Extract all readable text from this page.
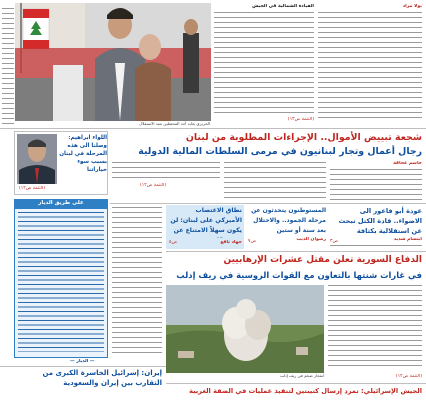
الحريري يعايد أحد المحتفلين بعيد الاستقلال
القيادة الشمالية في الجيش
(التتمة ص١٣)
بولا مراد
شجعة تبييض الأموال.. الإجراءات المطلوبة من لبنان
رجال أعمال وتجار لبنانيون في مرمى السلطات المالية الدولية
جاسم عجاقة
(التتمة ص١٢)
اللواء ابراهيم: وصلنا الى هذه المرحلة في لبنان بسبب سوء خياراتنا
(التتمة ص١٢)
على طريق الديار
— الديار —
عودة أبو فاعور الى الاضواء.. قادة الكتل تبحث عن استقلالية بكثافة
ابتسام شديد
ص٣
المستوطنون يتحدثون عن مرحلة الجمود.. والاحتلال بعد سنة أو ستين
رضوان الذيب
ص٧
نطاق الاغتصاب الأميركي على لبنان: لن يكون سهلاً الامتناع عن
جهاد نافع
ص٥
الدفاع السورية تعلن مقتل عشرات الإرهابيين
في غارات شنتها بالتعاون مع القوات الروسية في ريف إدلب
انفجار ضخم في ريف إدلب	(التتمة ص١٢)
إيران: إسرائيل الخاسرة الكبرى من التقارب بين إيران والسعودية
الجيش الإسرائيلي: تمرد إرسال كتيبتين لتنفيذ عمليات في الضفة الغربية
